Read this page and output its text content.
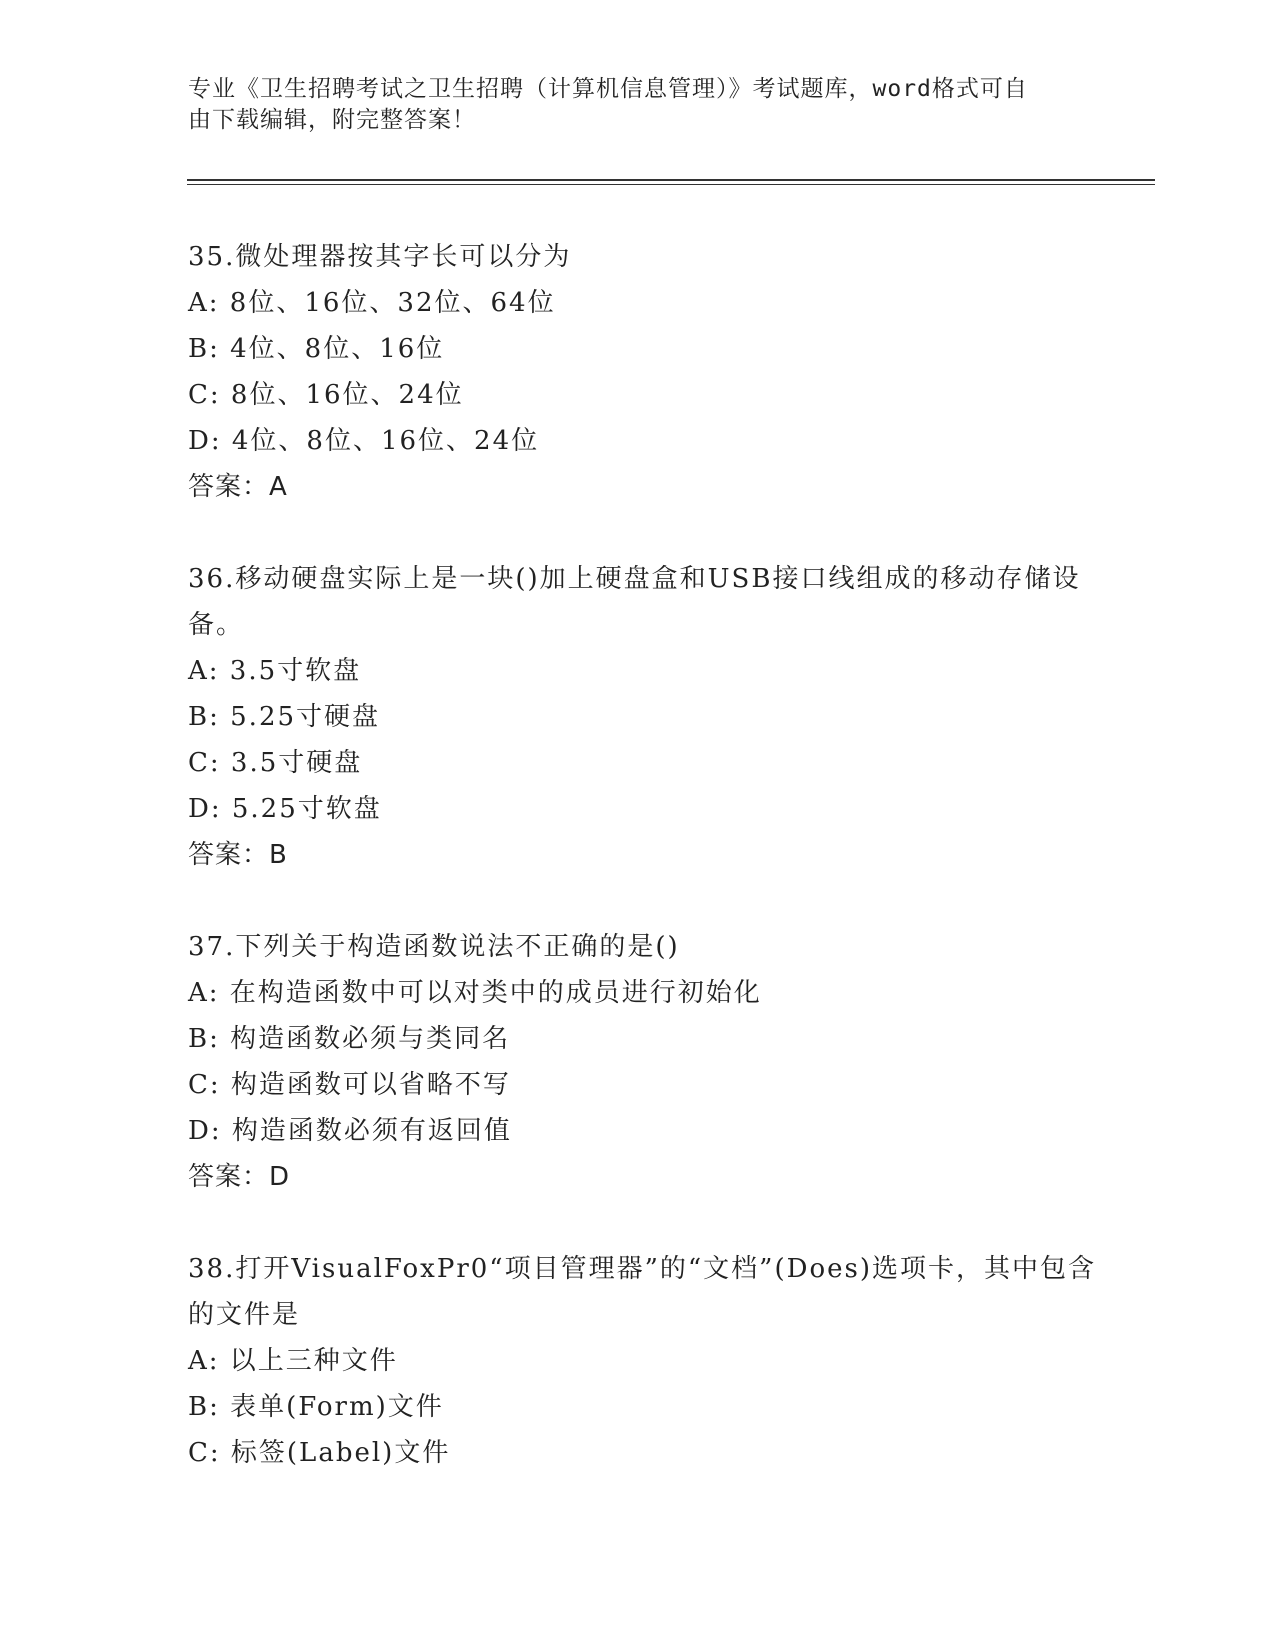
专业《卫生招聘考试之卫生招聘（计算机信息管理）》考试题库，word格式可自
由下载编辑，附完整答案！
35.微处理器按其字长可以分为
A: 8位、16位、32位、64位
B: 4位、8位、16位
C: 8位、16位、24位
D: 4位、8位、16位、24位
答案：A
36.移动硬盘实际上是一块()加上硬盘盒和USB接口线组成的移动存储设备。
A: 3.5寸软盘
B: 5.25寸硬盘
C: 3.5寸硬盘
D: 5.25寸软盘
答案：B
37.下列关于构造函数说法不正确的是()
A: 在构造函数中可以对类中的成员进行初始化
B: 构造函数必须与类同名
C: 构造函数可以省略不写
D: 构造函数必须有返回值
答案：D
38.打开VisualFoxPr0“项目管理器”的“文档”(Does)选项卡，其中包含的文件是
A: 以上三种文件
B: 表单(Form)文件
C: 标签(Label)文件
